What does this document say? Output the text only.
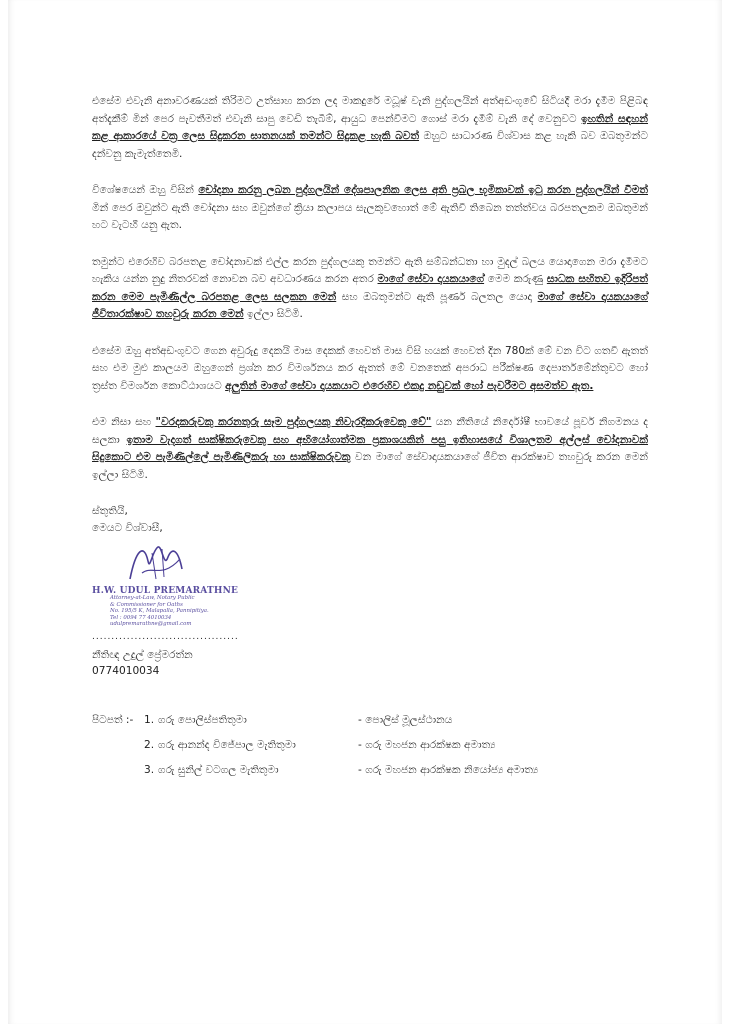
එසේම එවැනි අනාවරණයක් තිරිමට උත්සාහ කරන ලද මාකදුරේ මධූෂ් වැනි පුද්ගලයින් අත්අඩංගුවේ සිටියදී මරා දැමීම පිළිබඳ අත්දැකීම් මින් පෙර පැවතීමත් එවැනි සාපු වෙඩි තැබීම්, ආයුධ පෙන්වීමට ගොස් මරා දැමීම් වැනි දේ වෙනුවට ඉහතින් සඳහන් කළ ආකාරයේ වක්‍ර ලෙස සිදුකරන ඝාතනයක් තමන්ට සිදුකළ හැකි බවත් ඔහුට සාධාරණ විශ්වාස කළ හැකි බව ඔබතුමන්ට දන්වනු කැමැත්තෙමි.

විශේෂයෙන් ඔහු විසින් චෝදනා කරනු ලබන පුද්ගලයින් දේශපාලනික ලෙස අති ප්‍රබල භූමිකාවක් ඉටු කරන පුද්ගලයින් වීමත් මින් පෙර ඔවුන්ට ඇති චෝදනා සහ ඔවුන්ගේ ක්‍රියා කලාපය සැලකුවහොත් මේ ඇතිවී තිබෙන තත්ත්වය බරපතලකම ඔබතුමන් හට වැටහී යනු ඇත.

තමුන්ට එරෙහිව බරපතළ චෝදනාවක් එල්ල කරන පුද්ගලයකු තමන්ට ඇති සම්බන්ධතා හා මුදල් බලය යොදාගෙන මරා දැමීමට හැකිය යන්න නුදු නිතරවක් නොවන බව අවධාරණය කරන අතර මාගේ සේවා දායකයාගේ මෙම කරුණු සාධක සහිතව ඉදිරිපත් කරන මෙම පැමිණිල්ල බරපතළ ලෙස සලකන මෙන් සහ ඔබතුමන්ට ඇති පූර්ණ බලතල යොදා මාගේ සේවා දායකයාගේ ජීවිතාරක්ෂාව තහවුරු කරන මෙන් ඉල්ලා සිටිමි.

එසේම ඔහු අත්අඩංගුවට ගෙන අවුරුදු දෙකයි මාස දෙකක් හෙවත් මාස විසි හයක් හෙවත් දින 780ක් මේ වන විට ගතවී ඇතත් සහ එම මුළු කාලයම ඔහුගෙන් ප්‍රශ්න කර විමර්ශනය කර ඇතත් මේ වනතෙක් අපරාධ පරීක්ෂණ දෙපාර්තමේන්තුවට හෝ ත්‍රස්ත විමර්ශන කොට්ඨාශයට අලුතින් මාගේ සේවා දායකයාට එරෙහිව එකදු නඩුවක් හෝ පැවරීමට අසමත්ව ඇත.

එම නිසා සහ "වරදකරුවකු කරනතුරු සෑම පුද්ගලයකු නිවැරදිකරුවෙකු වේ" යන නීතියේ නිර්දෝෂී භාවයේ පූර්ව නිගමනය ද සලකා ඉතාම වැදගත් සාක්ෂිකරුවෙකු සහ අභියෝගාත්මක ප්‍රකාශයකින් පසු ඉතිහාසයේ විශාලතම අල්ලස් චෝදනාවක් සිදුකොට එම පැමිණිල්ලේ පැමිණිලිකරු හා සාක්ෂිකරුවකු වන මාගේ සේවාදායකයාගේ ජීවිත ආරක්ෂාව තහවුරු කරන මෙන් ඉල්ලා සිටිමි.

ස්තුතියි,
මෙයට විශ්වාසී,
H.W. UDUL PREMARATHNE
Attorney-at-Law, Notary Public
& Commissioner for Oaths
No. 195/5 K, Malapalla, Pannipitiya.
Tel : 0094 77 4010034
udulpremarathne@gmail.com
......................................
නීතිඥ උදුල් ප්‍රේමරත්න
0774010034
පිටපත් :-	1. ගරු පොලිස්පතිතුමා	- පොලිස් මූලස්ථානය
2. ගරු ආනන්ද විජේපාල මැතිතුමා	- ගරු මහජන ආරක්ෂක අමාත්‍ය
3. ගරු සුනිල් වටගල මැතිතුමා	- ගරු මහජන ආරක්ෂක නියෝජ්‍ය අමාත්‍ය
